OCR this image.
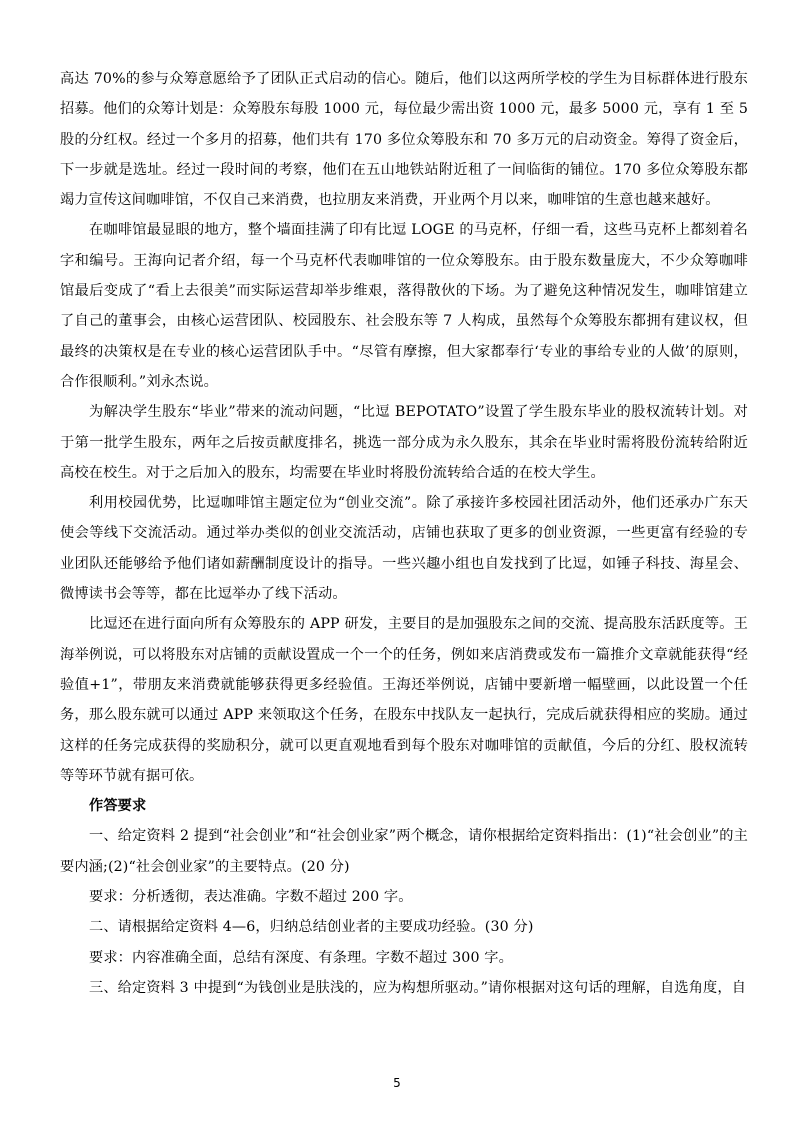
高达 70%的参与众筹意愿给予了团队正式启动的信心。随后，他们以这两所学校的学生为目标群体进行股东招募。他们的众筹计划是：众筹股东每股 1000 元，每位最少需出资 1000 元，最多 5000 元，享有 1 至 5 股的分红权。经过一个多月的招募，他们共有 170 多位众筹股东和 70 多万元的启动资金。筹得了资金后，下一步就是选址。经过一段时间的考察，他们在五山地铁站附近租了一间临街的铺位。170 多位众筹股东都竭力宣传这间咖啡馆，不仅自己来消费，也拉朋友来消费，开业两个月以来，咖啡馆的生意也越来越好。

在咖啡馆最显眼的地方，整个墙面挂满了印有比逗 LOGE 的马克杯，仔细一看，这些马克杯上都刻着名字和编号。王海向记者介绍，每一个马克杯代表咖啡馆的一位众筹股东。由于股东数量庞大，不少众筹咖啡馆最后变成了“看上去很美”而实际运营却举步维艰，落得散伙的下场。为了避免这种情况发生，咖啡馆建立了自己的董事会，由核心运营团队、校园股东、社会股东等 7 人构成，虽然每个众筹股东都拥有建议权，但最终的决策权是在专业的核心运营团队手中。“尽管有摩擦，但大家都奉行‘专业的事给专业的人做’的原则，合作很顺利。”刘永杰说。

为解决学生股东“毕业”带来的流动问题，“比逗 BEPOTATO”设置了学生股东毕业的股权流转计划。对于第一批学生股东，两年之后按贡献度排名，挑选一部分成为永久股东，其余在毕业时需将股份流转给附近高校在校生。对于之后加入的股东，均需要在毕业时将股份流转给合适的在校大学生。

利用校园优势，比逗咖啡馆主题定位为“创业交流”。除了承接许多校园社团活动外，他们还承办广东天使会等线下交流活动。通过举办类似的创业交流活动，店铺也获取了更多的创业资源，一些更富有经验的专业团队还能够给予他们诸如薪酬制度设计的指导。一些兴趣小组也自发找到了比逗，如锤子科技、海星会、微博读书会等等，都在比逗举办了线下活动。

比逗还在进行面向所有众筹股东的 APP 研发，主要目的是加强股东之间的交流、提高股东活跃度等。王海举例说，可以将股东对店铺的贡献设置成一个一个的任务，例如来店消费或发布一篇推介文章就能获得“经验值+1”，带朋友来消费就能够获得更多经验值。王海还举例说，店铺中要新增一幅壁画，以此设置一个任务，那么股东就可以通过 APP 来领取这个任务，在股东中找队友一起执行，完成后就获得相应的奖励。通过这样的任务完成获得的奖励积分，就可以更直观地看到每个股东对咖啡馆的贡献值，今后的分红、股权流转等等环节就有据可依。

作答要求

一、给定资料 2 提到“社会创业”和“社会创业家”两个概念，请你根据给定资料指出：(1)“社会创业”的主要内涵;(2)“社会创业家”的主要特点。(20 分)

要求：分析透彻，表达准确。字数不超过 200 字。

二、请根据给定资料 4—6，归纳总结创业者的主要成功经验。(30 分)

要求：内容准确全面，总结有深度、有条理。字数不超过 300 字。

三、给定资料 3 中提到“为钱创业是肤浅的，应为构想所驱动。”请你根据对这句话的理解，自选角度，自

5
